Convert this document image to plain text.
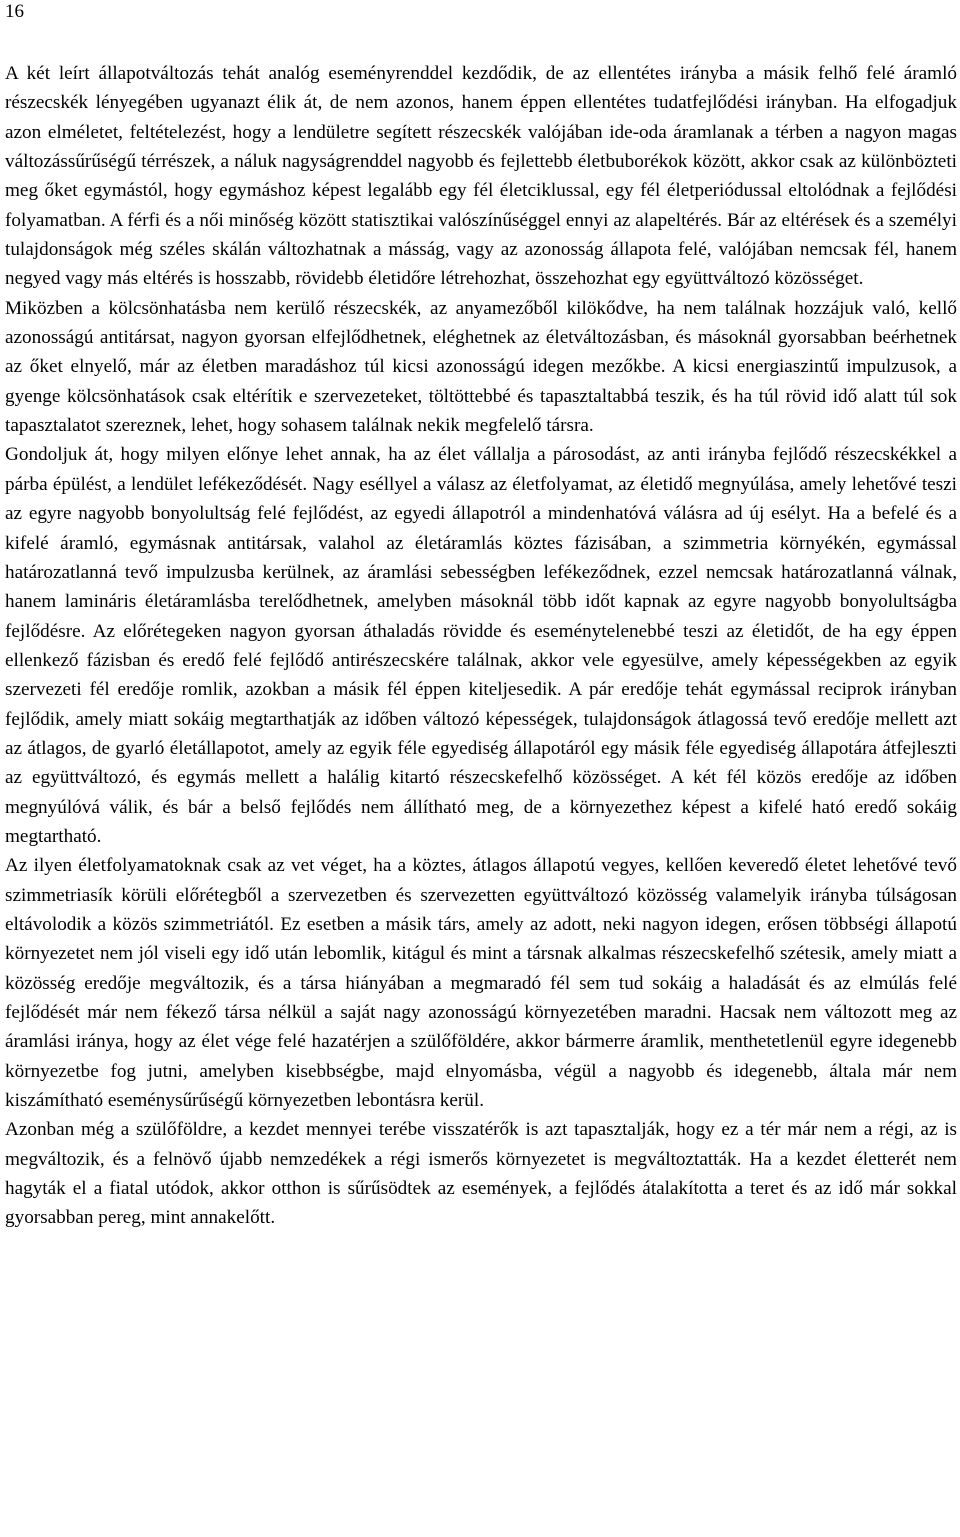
16

A két leírt állapotváltozás tehát analóg eseményrenddel kezdődik, de az ellentétes irányba a másik felhő felé áramló részecskék lényegében ugyanazt élik át, de nem azonos, hanem éppen ellentétes tudatfejlődési irányban. Ha elfogadjuk azon elméletet, feltételezést, hogy a lendületre segített részecskék valójában ide-oda áramlanak a térben a nagyon magas változássűrűségű térrészek, a náluk nagyságrenddel nagyobb és fejlettebb életbuborékok között, akkor csak az különbözteti meg őket egymástól, hogy egymáshoz képest legalább egy fél életciklussal, egy fél életperiódussal eltolódnak a fejlődési folyamatban. A férfi és a női minőség között statisztikai valószínűséggel ennyi az alapeltérés. Bár az eltérések és a személyi tulajdonságok még széles skálán változhatnak a másság, vagy az azonosság állapota felé, valójában nemcsak fél, hanem negyed vagy más eltérés is hosszabb, rövidebb életidőre létrehozhat, összehozhat egy együttváltozó közösséget.

Miközben a kölcsönhatásba nem kerülő részecskék, az anyamezőből kilökődve, ha nem találnak hozzájuk való, kellő azonosságú antitársat, nagyon gyorsan elfejlődhetnek, eléghetnek az életváltozásban, és másoknál gyorsabban beérhetnek az őket elnyelő, már az életben maradáshoz túl kicsi azonosságú idegen mezőkbe. A kicsi energiaszintű impulzusok, a gyenge kölcsönhatások csak eltérítik e szervezeteket, töltöttebbé és tapasztaltabbá teszik, és ha túl rövid idő alatt túl sok tapasztalatot szereznek, lehet, hogy sohasem találnak nekik megfelelő társra.

Gondoljuk át, hogy milyen előnye lehet annak, ha az élet vállalja a párosodást, az anti irányba fejlődő részecskékkel a párba épülést, a lendület lefékeződését. Nagy eséllyel a válasz az életfolyamat, az életidő megnyúlása, amely lehetővé teszi az egyre nagyobb bonyolultság felé fejlődést, az egyedi állapotról a mindenhatóvá válásra ad új esélyt. Ha a befelé és a kifelé áramló, egymásnak antitársak, valahol az életáramlás köztes fázisában, a szimmetria környékén, egymással határozatlanná tevő impulzusba kerülnek, az áramlási sebességben lefékeződnek, ezzel nemcsak határozatlanná válnak, hanem lamináris életáramlásba terelődhetnek, amelyben másoknál több időt kapnak az egyre nagyobb bonyolultságba fejlődésre. Az előrétegeken nagyon gyorsan áthaladás rövidde és eseménytelenebbé teszi az életidőt, de ha egy éppen ellenkező fázisban és eredő felé fejlődő antirészecskére találnak, akkor vele egyesülve, amely képességekben az egyik szervezeti fél eredője romlik, azokban a másik fél éppen kiteljesedik. A pár eredője tehát egymással reciprok irányban fejlődik, amely miatt sokáig megtarthatják az időben változó képességek, tulajdonságok átlagossá tevő eredője mellett azt az átlagos, de gyarló életállapotot, amely az egyik féle egyediség állapotáról egy másik féle egyediség állapotára átfejleszti az együttváltozó, és egymás mellett a halálig kitartó részecskefelhő közösséget. A két fél közös eredője az időben megnyúlóvá válik, és bár a belső fejlődés nem állítható meg, de a környezethez képest a kifelé ható eredő sokáig megtartható.

Az ilyen életfolyamatoknak csak az vet véget, ha a köztes, átlagos állapotú vegyes, kellően keveredő életet lehetővé tevő szimmetriasík körüli előrétegből a szervezetben és szervezetten együttváltozó közösség valamelyik irányba túlságosan eltávolodik a közös szimmetriától. Ez esetben a másik társ, amely az adott, neki nagyon idegen, erősen többségi állapotú környezetet nem jól viseli egy idő után lebomlik, kitágul és mint a társnak alkalmas részecskefelhő szétesik, amely miatt a közösség eredője megváltozik, és a társa hiányában a megmaradó fél sem tud sokáig a haladását és az elmúlás felé fejlődését már nem fékező társa nélkül a saját nagy azonosságú környezetében maradni. Hacsak nem változott meg az áramlási iránya, hogy az élet vége felé hazatérjen a szülőföldére, akkor bármerre áramlik, menthetetlenül egyre idegenebb környezetbe fog jutni, amelyben kisebbségbe, majd elnyomásba, végül a nagyobb és idegenebb, általa már nem kiszámítható eseménysűrűségű környezetben lebontásra kerül.

Azonban még a szülőföldre, a kezdet mennyei terébe visszatérők is azt tapasztalják, hogy ez a tér már nem a régi, az is megváltozik, és a felnövő újabb nemzedékek a régi ismerős környezetet is megváltoztatták. Ha a kezdet életterét nem hagyták el a fiatal utódok, akkor otthon is sűrűsödtek az események, a fejlődés átalakította a teret és az idő már sokkal gyorsabban pereg, mint annakelőtt.
